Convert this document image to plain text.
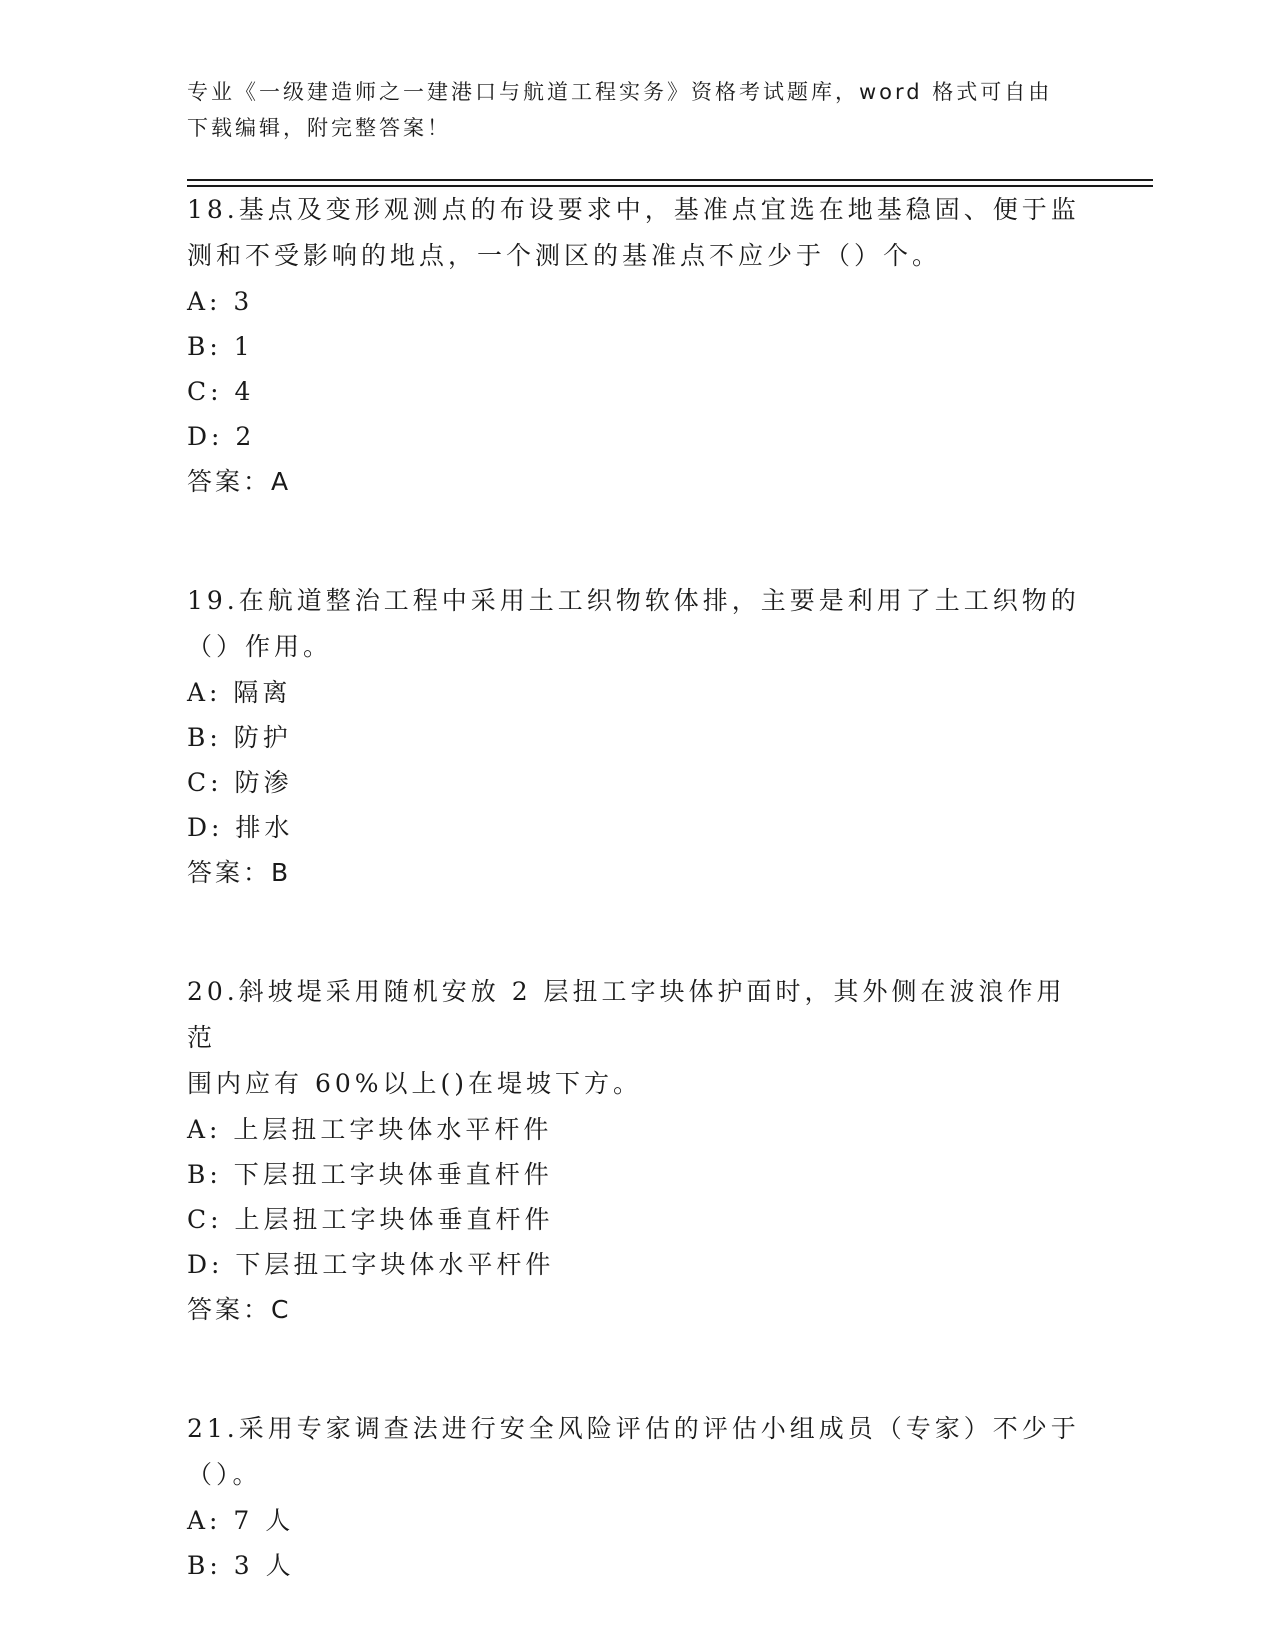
专业《一级建造师之一建港口与航道工程实务》资格考试题库，word 格式可自由
下载编辑，附完整答案！

18.基点及变形观测点的布设要求中，基准点宜选在地基稳固、便于监

测和不受影响的地点，一个测区的基准点不应少于（）个。

A: 3

B: 1

C: 4

D: 2

答案：A

19.在航道整治工程中采用土工织物软体排，主要是利用了土工织物的

（）作用。

A: 隔离

B: 防护

C: 防渗

D: 排水

答案：B

20.斜坡堤采用随机安放 2 层扭工字块体护面时，其外侧在波浪作用范

围内应有 60%以上()在堤坡下方。

A: 上层扭工字块体水平杆件

B: 下层扭工字块体垂直杆件

C: 上层扭工字块体垂直杆件

D: 下层扭工字块体水平杆件

答案：C

21.采用专家调查法进行安全风险评估的评估小组成员（专家）不少于

（）。

A: 7 人

B: 3 人
